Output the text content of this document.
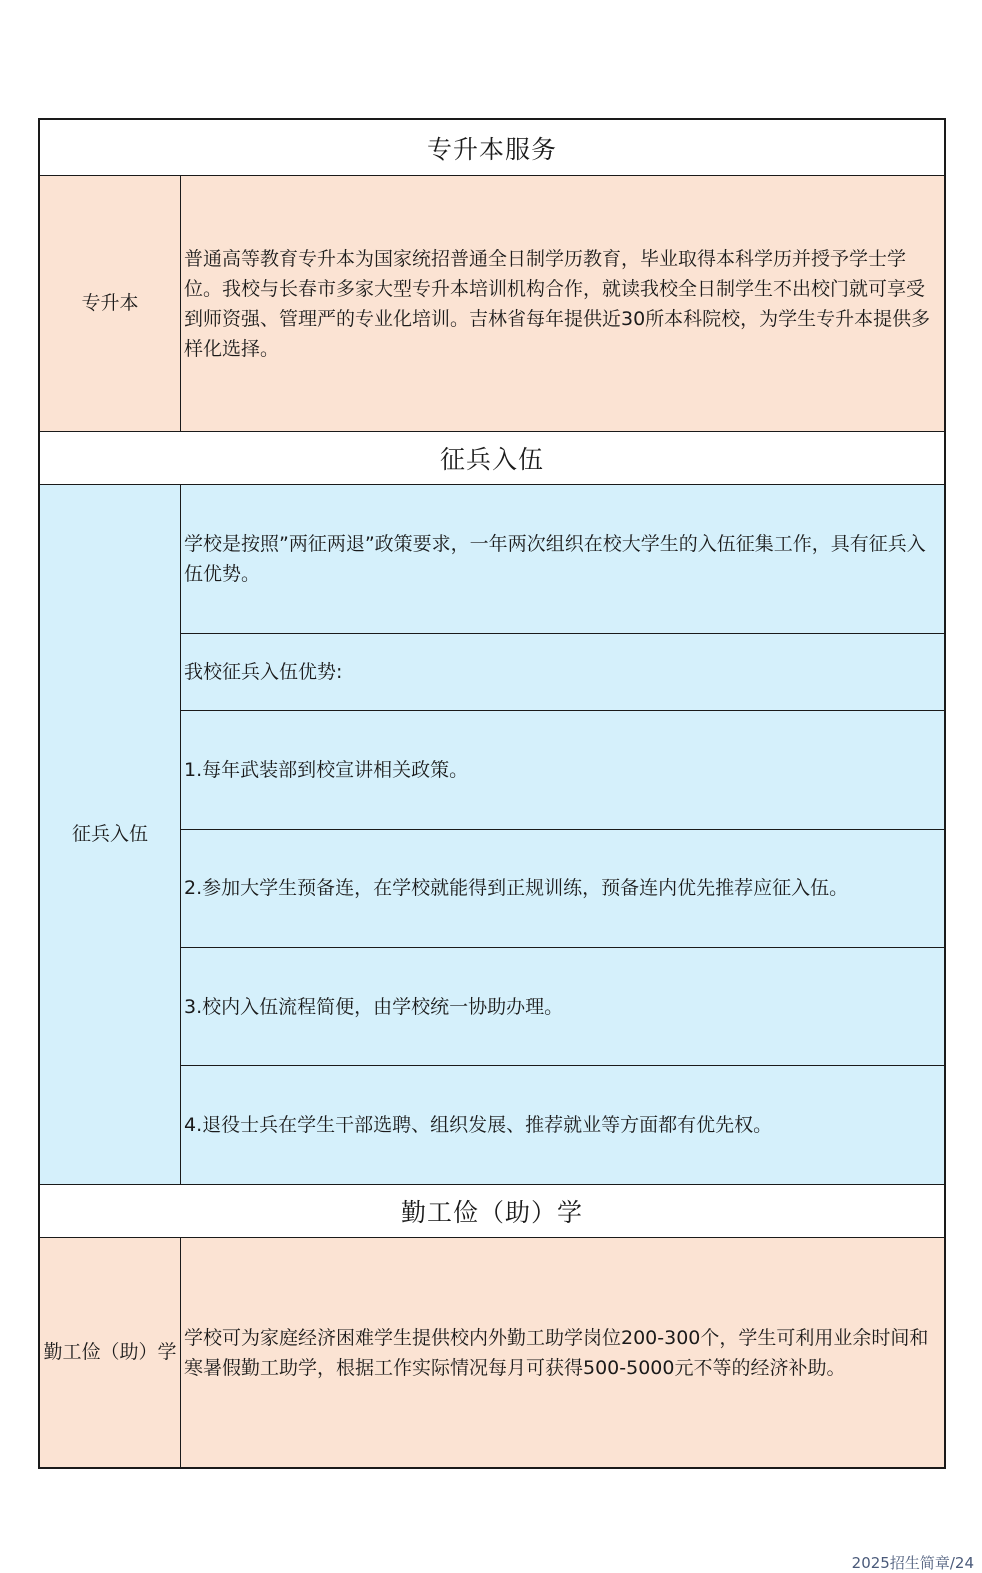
专升本服务
专升本
普通高等教育专升本为国家统招普通全日制学历教育，毕业取得本科学历并授予学士学位。我校与长春市多家大型专升本培训机构合作，就读我校全日制学生不出校门就可享受到师资强、管理严的专业化培训。吉林省每年提供近30所本科院校，为学生专升本提供多样化选择。
征兵入伍
征兵入伍
学校是按照”两征两退”政策要求，一年两次组织在校大学生的入伍征集工作，具有征兵入伍优势。
我校征兵入伍优势:
1.每年武装部到校宣讲相关政策。
2.参加大学生预备连，在学校就能得到正规训练，预备连内优先推荐应征入伍。
3.校内入伍流程简便，由学校统一协助办理。
4.退役士兵在学生干部选聘、组织发展、推荐就业等方面都有优先权。
勤工俭（助）学
勤工 俭（助）学
学校可为家庭经济困难学生提供校内外勤工助学岗位200-300个，学生可利用业余时间和寒暑假勤工助学，根据工作实际情况每月可获得500-5000元不等的经济补助。
2025招生简章/24
